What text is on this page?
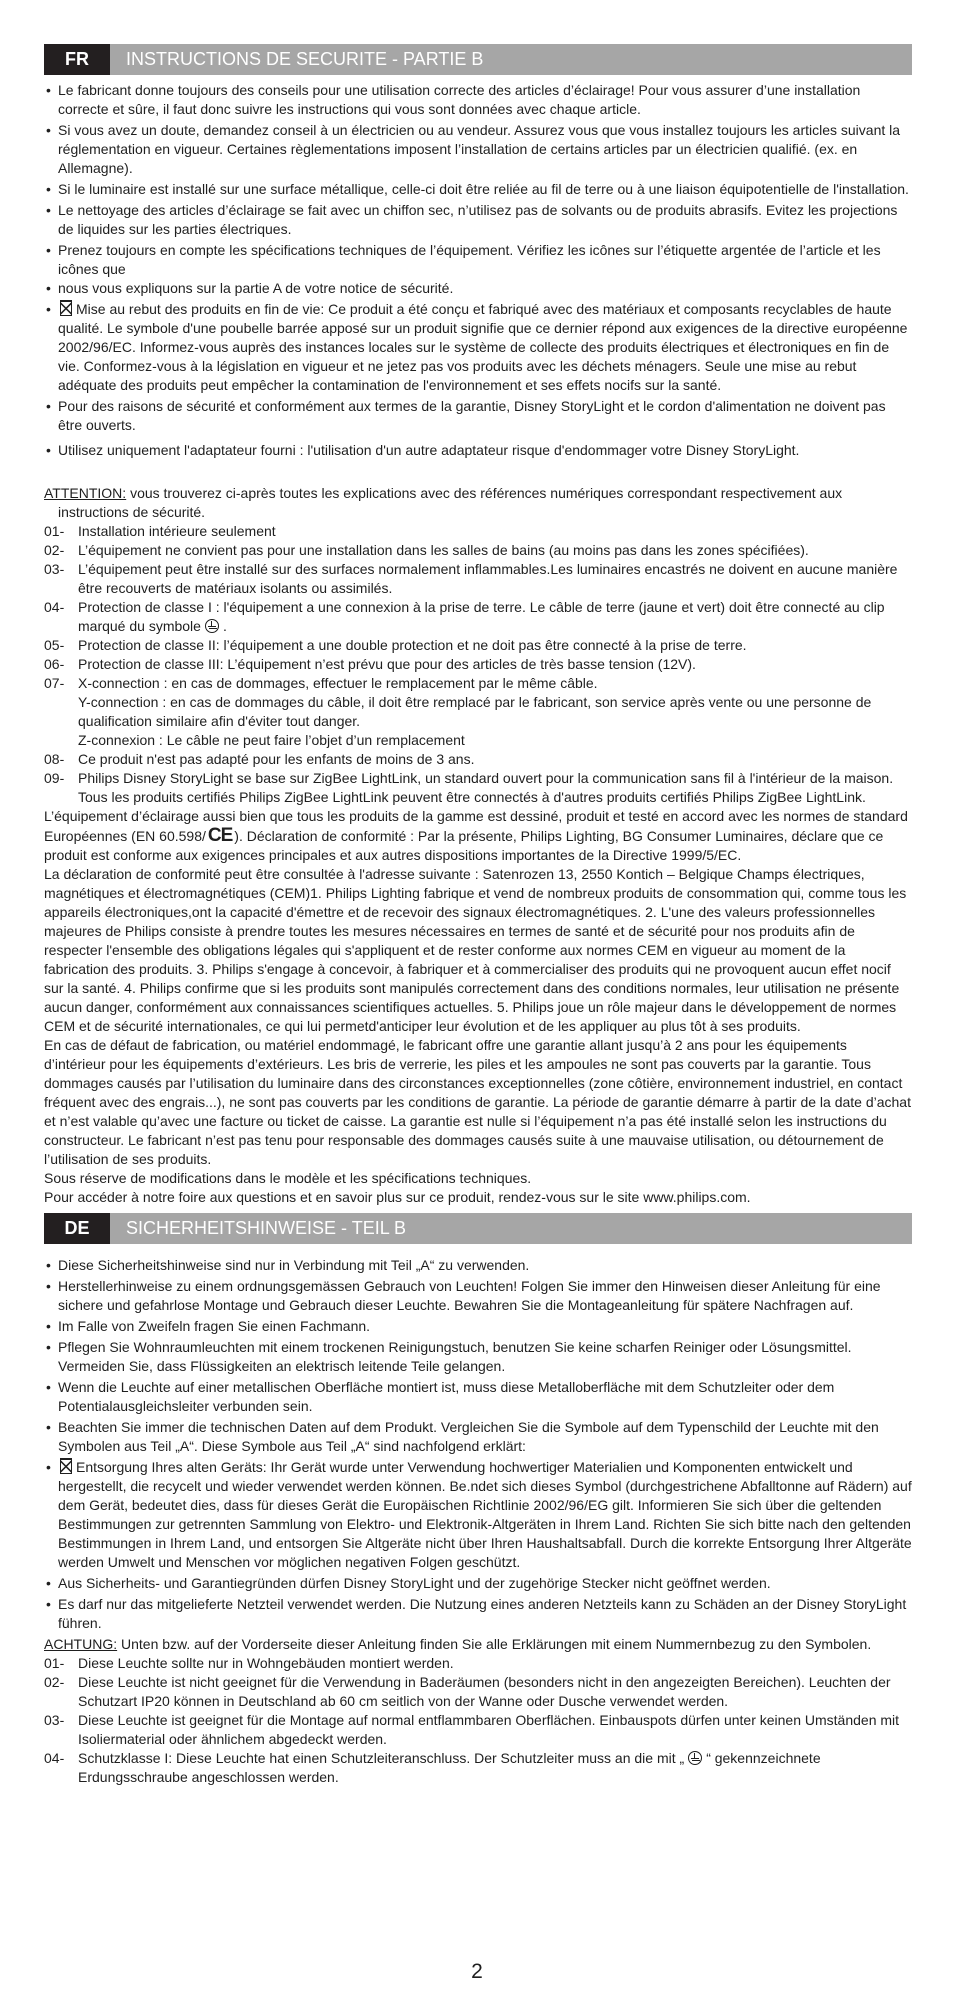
FR	INSTRUCTIONS DE SECURITE - PARTIE B
• Le fabricant donne toujours des conseils pour une utilisation correcte des articles d’éclairage! Pour vous assurer d’une installation correcte et sûre, il faut donc suivre les instructions qui vous sont données avec chaque article.
• Si vous avez un doute, demandez conseil à un électricien ou au vendeur. Assurez vous que vous installez toujours les articles suivant la réglementation en vigueur. Certaines règlementations imposent l’installation de certains articles par un électricien qualifié. (ex. en Allemagne).
• Si le luminaire est installé sur une surface métallique, celle-ci doit être reliée au fil de terre ou à une liaison équipotentielle de l'installation.
• Le nettoyage des articles d’éclairage se fait avec un chiffon sec, n’utilisez pas de solvants ou de produits abrasifs. Evitez les projections de liquides sur les parties électriques.
• Prenez toujours en compte les spécifications techniques de l’équipement. Vérifiez les icônes sur l’étiquette argentée de l’article et les icônes que
• nous vous expliquons sur la partie A de votre notice de sécurité.
• Mise au rebut des produits en fin de vie: Ce produit a été conçu et fabriqué avec des matériaux et composants recyclables de haute qualité. Le symbole d'une poubelle barrée apposé sur un produit signifie que ce dernier répond aux exigences de la directive européenne 2002/96/EC. Informez-vous auprès des instances locales sur le système de collecte des produits électriques et électroniques en fin de vie. Conformez-vous à la législation en vigueur et ne jetez pas vos produits avec les déchets ménagers. Seule une mise au rebut adéquate des produits peut empêcher la contamination de l'environnement et ses effets nocifs sur la santé.
• Pour des raisons de sécurité et conformément aux termes de la garantie, Disney StoryLight et le cordon d'alimentation ne doivent pas être ouverts.
• Utilisez uniquement l'adaptateur fourni : l'utilisation d'un autre adaptateur risque d'endommager votre Disney StoryLight.

ATTENTION: vous trouverez ci-après toutes les explications avec des références numériques correspondant respectivement aux instructions de sécurité.

01- Installation intérieure seulement
02- L’équipement ne convient pas pour une installation dans les salles de bains (au moins pas dans les zones spécifiées).
03- L’équipement peut être installé sur des surfaces normalement inflammables.Les luminaires encastrés ne doivent en aucune manière être recouverts de matériaux isolants ou assimilés.
04- Protection de classe I : l'équipement a une connexion à la prise de terre. Le câble de terre (jaune et vert) doit être connecté au clip marqué du symbole .
05- Protection de classe II: l’équipement a une double protection et ne doit pas être connecté à la prise de terre.
06- Protection de classe III: L’équipement n’est prévu que pour des articles de très basse tension (12V).
07- X-connection : en cas de dommages, effectuer le remplacement par le même câble.
Y-connection : en cas de dommages du câble, il doit être remplacé par le fabricant, son service après vente ou une personne de qualification similaire afin d'éviter tout danger.
Z-connexion : Le câble ne peut faire l’objet d’un remplacement
08- Ce produit n'est pas adapté pour les enfants de moins de 3 ans.
09- Philips Disney StoryLight se base sur ZigBee LightLink, un standard ouvert pour la communication sans fil à l'intérieur de la maison. Tous les produits certifiés Philips ZigBee LightLink peuvent être connectés à d'autres produits certifiés Philips ZigBee LightLink.

L’équipement d’éclairage aussi bien que tous les produits de la gamme est dessiné, produit et testé en accord avec les normes de standard Européennes (EN 60.598/ CE ). Déclaration de conformité : Par la présente, Philips Lighting, BG Consumer Luminaires, déclare que ce produit est conforme aux exigences principales et aux autres dispositions importantes de la Directive 1999/5/EC.

La déclaration de conformité peut être consultée à l'adresse suivante : Satenrozen 13, 2550 Kontich – Belgique Champs électriques, magnétiques et électromagnétiques (CEM)1. Philips Lighting fabrique et vend de nombreux produits de consommation qui, comme tous les appareils électroniques,ont la capacité d'émettre et de recevoir des signaux électromagnétiques. 2. L'une des valeurs professionnelles majeures de Philips consiste à prendre toutes les mesures nécessaires en termes de santé et de sécurité pour nos produits afin de respecter l'ensemble des obligations légales qui s'appliquent et de rester conforme aux normes CEM en vigueur au moment de la fabrication des produits. 3. Philips s'engage à concevoir, à fabriquer et à commercialiser des produits qui ne provoquent aucun effet nocif sur la santé. 4. Philips confirme que si les produits sont manipulés correctement dans des conditions normales, leur utilisation ne présente aucun danger, conformément aux connaissances scientifiques actuelles. 5. Philips joue un rôle majeur dans le développement de normes CEM et de sécurité internationales, ce qui lui permetd'anticiper leur évolution et de les appliquer au plus tôt à ses produits.

En cas de défaut de fabrication, ou matériel endommagé, le fabricant offre une garantie allant jusqu’à 2 ans pour les équipements d’intérieur pour les équipements d’extérieurs. Les bris de verrerie, les piles et les ampoules ne sont pas couverts par la garantie. Tous dommages causés par l’utilisation du luminaire dans des circonstances exceptionnelles (zone côtière, environnement industriel, en contact fréquent avec des engrais...), ne sont pas couverts par les conditions de garantie. La période de garantie démarre à partir de la date d’achat et n’est valable qu’avec une facture ou ticket de caisse. La garantie est nulle si l’équipement n’a pas été installé selon les instructions du constructeur. Le fabricant n’est pas tenu pour responsable des dommages causés suite à une mauvaise utilisation, ou détournement de l’utilisation de ses produits.

Sous réserve de modifications dans le modèle et les spécifications techniques.

Pour accéder à notre foire aux questions et en savoir plus sur ce produit, rendez-vous sur le site www.philips.com.

DE	SICHERHEITSHINWEISE - TEIL B
• Diese Sicherheitshinweise sind nur in Verbindung mit Teil „A“ zu verwenden.
• Herstellerhinweise zu einem ordnungsgemässen Gebrauch von Leuchten! Folgen Sie immer den Hinweisen dieser Anleitung für eine sichere und gefahrlose Montage und Gebrauch dieser Leuchte. Bewahren Sie die Montageanleitung für spätere Nachfragen auf.
• Im Falle von Zweifeln fragen Sie einen Fachmann.
• Pflegen Sie Wohnraumleuchten mit einem trockenen Reinigungstuch, benutzen Sie keine scharfen Reiniger oder Lösungsmittel. Vermeiden Sie, dass Flüssigkeiten an elektrisch leitende Teile gelangen.
• Wenn die Leuchte auf einer metallischen Oberfläche montiert ist, muss diese Metalloberfläche mit dem Schutzleiter oder dem Potentialausgleichsleiter verbunden sein.
• Beachten Sie immer die technischen Daten auf dem Produkt. Vergleichen Sie die Symbole auf dem Typenschild der Leuchte mit den Symbolen aus Teil „A“. Diese Symbole aus Teil „A“ sind nachfolgend erklärt:
• Entsorgung Ihres alten Geräts: Ihr Gerät wurde unter Verwendung hochwertiger Materialien und Komponenten entwickelt und hergestellt, die recycelt und wieder verwendet werden können. Be.ndet sich dieses Symbol (durchgestrichene Abfalltonne auf Rädern) auf dem Gerät, bedeutet dies, dass für dieses Gerät die Europäischen Richtlinie 2002/96/EG gilt. Informieren Sie sich über die geltenden Bestimmungen zur getrennten Sammlung von Elektro- und Elektronik-Altgeräten in Ihrem Land. Richten Sie sich bitte nach den geltenden Bestimmungen in Ihrem Land, und entsorgen Sie Altgeräte nicht über Ihren Haushaltsabfall. Durch die korrekte Entsorgung Ihrer Altgeräte werden Umwelt und Menschen vor möglichen negativen Folgen geschützt.
• Aus Sicherheits- und Garantiegründen dürfen Disney StoryLight und der zugehörige Stecker nicht geöffnet werden.
• Es darf nur das mitgelieferte Netzteil verwendet werden. Die Nutzung eines anderen Netzteils kann zu Schäden an der Disney StoryLight führen.

ACHTUNG: Unten bzw. auf der Vorderseite dieser Anleitung finden Sie alle Erklärungen mit einem Nummernbezug zu den Symbolen.

01- Diese Leuchte sollte nur in Wohngebäuden montiert werden.
02- Diese Leuchte ist nicht geeignet für die Verwendung in Baderäumen (besonders nicht in den angezeigten Bereichen). Leuchten der Schutzart IP20 können in Deutschland ab 60 cm seitlich von der Wanne oder Dusche verwendet werden.
03- Diese Leuchte ist geeignet für die Montage auf normal entflammbaren Oberflächen. Einbauspots dürfen unter keinen Umständen mit Isoliermaterial oder ähnlichem abgedeckt werden.
04- Schutzklasse I: Diese Leuchte hat einen Schutzleiteranschluss. Der Schutzleiter muss an die mit „ “ gekennzeichnete Erdungsschraube angeschlossen werden.
2
